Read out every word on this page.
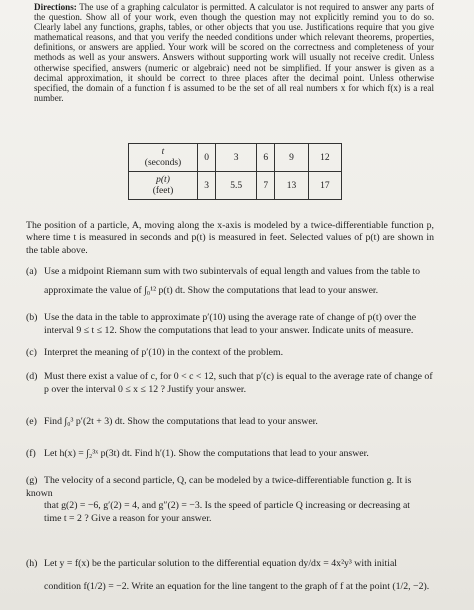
Directions: The use of a graphing calculator is permitted. A calculator is not required to answer any parts of the question. Show all of your work, even though the question may not explicitly remind you to do so. Clearly label any functions, graphs, tables, or other objects that you use. Justifications require that you give mathematical reasons, and that you verify the needed conditions under which relevant theorems, properties, definitions, or answers are applied. Your work will be scored on the correctness and completeness of your methods as well as your answers. Answers without supporting work will usually not receive credit. Unless otherwise specified, answers (numeric or algebraic) need not be simplified. If your answer is given as a decimal approximation, it should be correct to three places after the decimal point. Unless otherwise specified, the domain of a function f is assumed to be the set of all real numbers x for which f(x) is a real number.
t
(seconds)	0	3	6	9	12
p(t)
(feet)	3	5.5	7	13	17
The position of a particle, A, moving along the x-axis is modeled by a twice-differentiable function p, where time t is measured in seconds and p(t) is measured in feet. Selected values of p(t) are shown in the table above.
(a) Use a midpoint Riemann sum with two subintervals of equal length and values from the table to
approximate the value of ∫₀¹² p(t) dt. Show the computations that lead to your answer.
(b) Use the data in the table to approximate p′(10) using the average rate of change of p(t) over the
interval 9 ≤ t ≤ 12. Show the computations that lead to your answer. Indicate units of measure.
(c) Interpret the meaning of p′(10) in the context of the problem.
(d) Must there exist a value of c, for 0 < c < 12, such that p′(c) is equal to the average rate of change of
p over the interval 0 ≤ x ≤ 12 ? Justify your answer.
(e) Find ∫₀³ p′(2t + 3) dt. Show the computations that lead to your answer.
(f) Let h(x) = ∫₂³ˣ p(3t) dt. Find h′(1). Show the computations that lead to your answer.
(g) The velocity of a second particle, Q, can be modeled by a twice-differentiable function g. It is known
that g(2) = −6, g′(2) = 4, and g″(2) = −3. Is the speed of particle Q increasing or decreasing at
time t = 2 ? Give a reason for your answer.
(h) Let y = f(x) be the particular solution to the differential equation dy/dx = 4x²y³ with initial
condition f(1/2) = −2. Write an equation for the line tangent to the graph of f at the point (1/2, −2).
